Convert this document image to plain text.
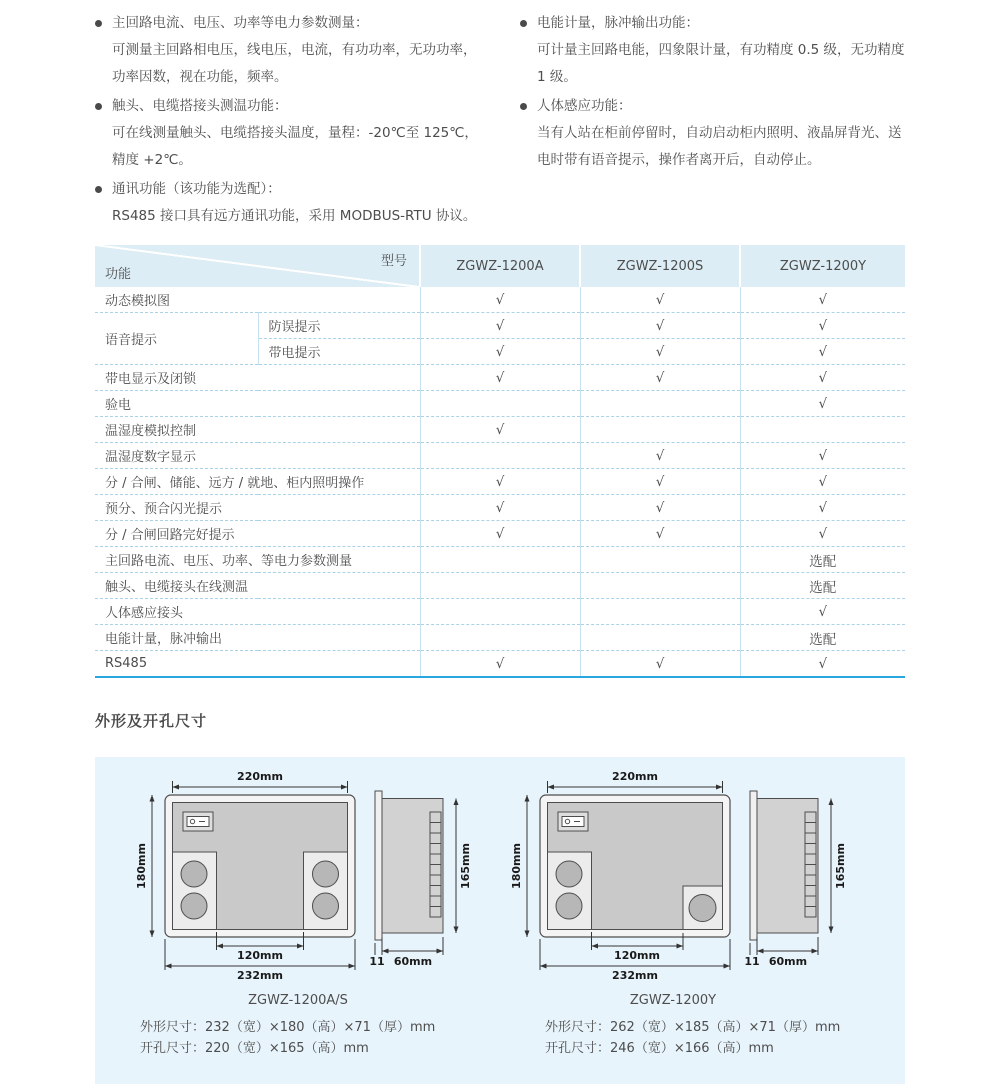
主回路电流、电压、功率等电力参数测量：
可测量主回路相电压，线电压，电流，有功功率，无功功率，
功率因数，视在功能，频率。
触头、电缆搭接头测温功能：
可在线测量触头、电缆搭接头温度，量程：-20℃至 125℃，
精度 +2℃。
通讯功能（该功能为选配）：
RS485 接口具有远方通讯功能，采用 MODBUS-RTU 协议。
电能计量，脉冲输出功能：
可计量主回路电能，四象限计量，有功精度 0.5 级，无功精度
1 级。
人体感应功能：
当有人站在柜前停留时，自动启动柜内照明、液晶屏背光、送
电时带有语音提示，操作者离开后，自动停止。
型号
功能		ZGWZ-1200A	ZGWZ-1200S	ZGWZ-1200Y
动态模拟图		√	√	√
语音提示	防误提示	√	√	√
	带电提示	√	√	√
带电显示及闭锁		√	√	√
验电				√
温湿度模拟控制		√		
温湿度数字显示			√	√
分 / 合闸、储能、远方 / 就地、柜内照明操作		√	√	√
预分、预合闪光提示		√	√	√
分 / 合闸回路完好提示		√	√	√
主回路电流、电压、功率、等电力参数测量				选配
触头、电缆接头在线测温				选配
人体感应接头				√
电能计量，脉冲输出				选配
RS485		√	√	√
外形及开孔尺寸
220mm
180mm
120mm
232mm
165mm
11 60mm
220mm
180mm
120mm
232mm
165mm
11 60mm
ZGWZ-1200A/S	ZGWZ-1200Y
外形尺寸：232（宽）×180（高）×71（厚）mm
开孔尺寸：220（宽）×165（高）mm
外形尺寸：262（宽）×185（高）×71（厚）mm
开孔尺寸：246（宽）×166（高）mm
